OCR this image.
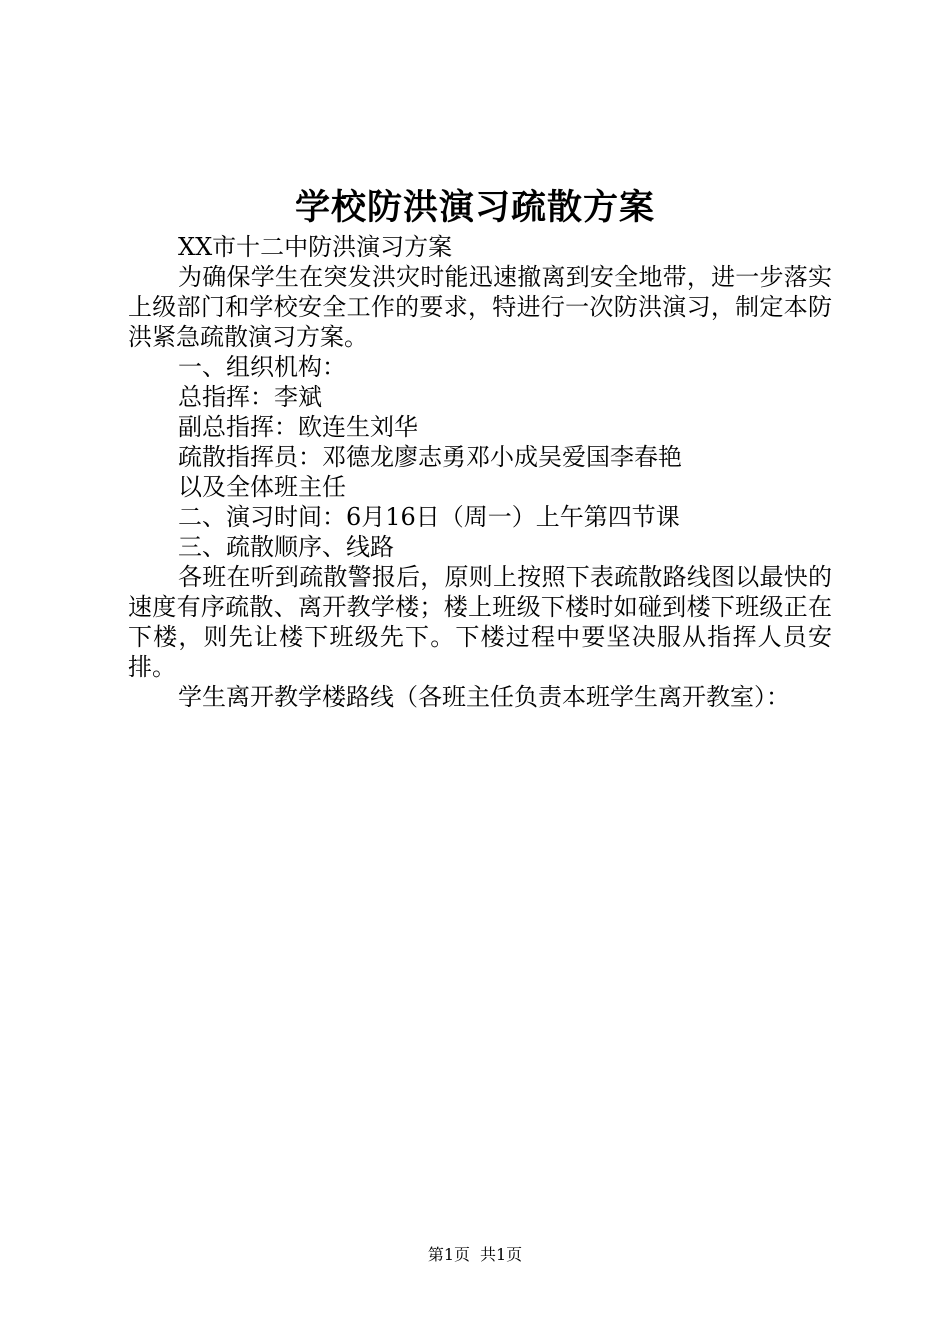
学校防洪演习疏散方案

XX市十二中防洪演习方案

为确保学生在突发洪灾时能迅速撤离到安全地带，进一步落实上级部门和学校安全工作的要求，特进行一次防洪演习，制定本防洪紧急疏散演习方案。

一、组织机构：

总指挥：李斌

副总指挥：欧连生刘华

疏散指挥员：邓德龙廖志勇邓小成吴爱国李春艳

以及全体班主任

二、演习时间：6月16日（周一）上午第四节课

三、疏散顺序、线路

各班在听到疏散警报后，原则上按照下表疏散路线图以最快的速度有序疏散、离开教学楼；楼上班级下楼时如碰到楼下班级正在下楼，则先让楼下班级先下。下楼过程中要坚决服从指挥人员安排。

学生离开教学楼路线（各班主任负责本班学生离开教室）：

第1页 共1页
